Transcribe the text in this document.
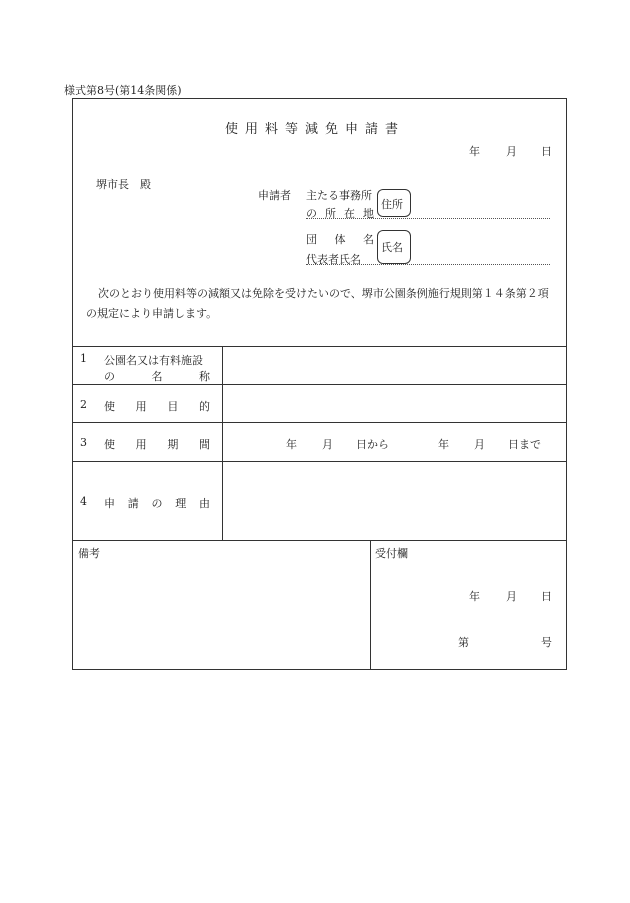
様式第8号(第14条関係)
使用料等減免申請書
年 月 日
堺市長　殿
申請者 主たる事務所
の 所 在 地
住所
団 体 名
代表者氏名
氏名
次のとおり使用料等の減額又は免除を受けたいので、堺市公園条例施行規則第１４条第２項の規定により申請します。
1 公園名又は有料施設
の	名	称
2 使 用 目 的
3 使 用 期 間	年 月 日から	年 月 日まで
4 申 請 の 理 由
備考	受付欄
年 月 日
第	号
